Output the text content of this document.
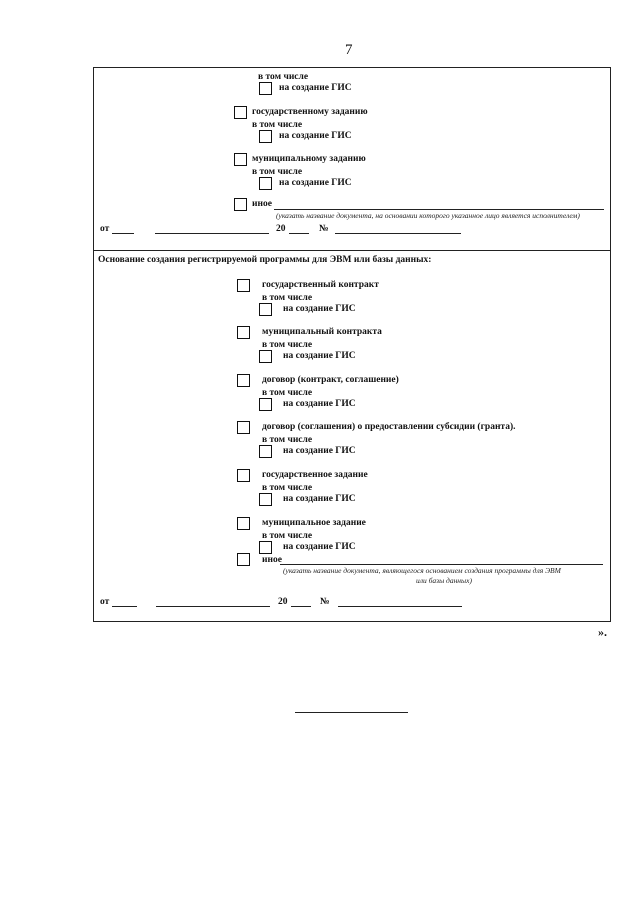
7
в том числе
на создание ГИС
государственному заданию
в том числе
на создание ГИС
муниципальному заданию
в том числе
на создание ГИС
иное
(указать название документа, на основании которого указанное лицо является исполнителем)
от	20	№
Основание создания регистрируемой программы для ЭВМ или базы данных:
государственный контракт
в том числе
на создание ГИС
муниципальный контракта
в том числе
на создание ГИС
договор (контракт, соглашение)
в том числе
на создание ГИС
договор (соглашения) о предоставлении субсидии (гранта).
в том числе
на создание ГИС
государственное задание
в том числе
на создание ГИС
муниципальное задание
в том числе
на создание ГИС
иное
(указать название документа, являющегося основанием создания программы для ЭВМ
или базы данных)
от	20	№
».
